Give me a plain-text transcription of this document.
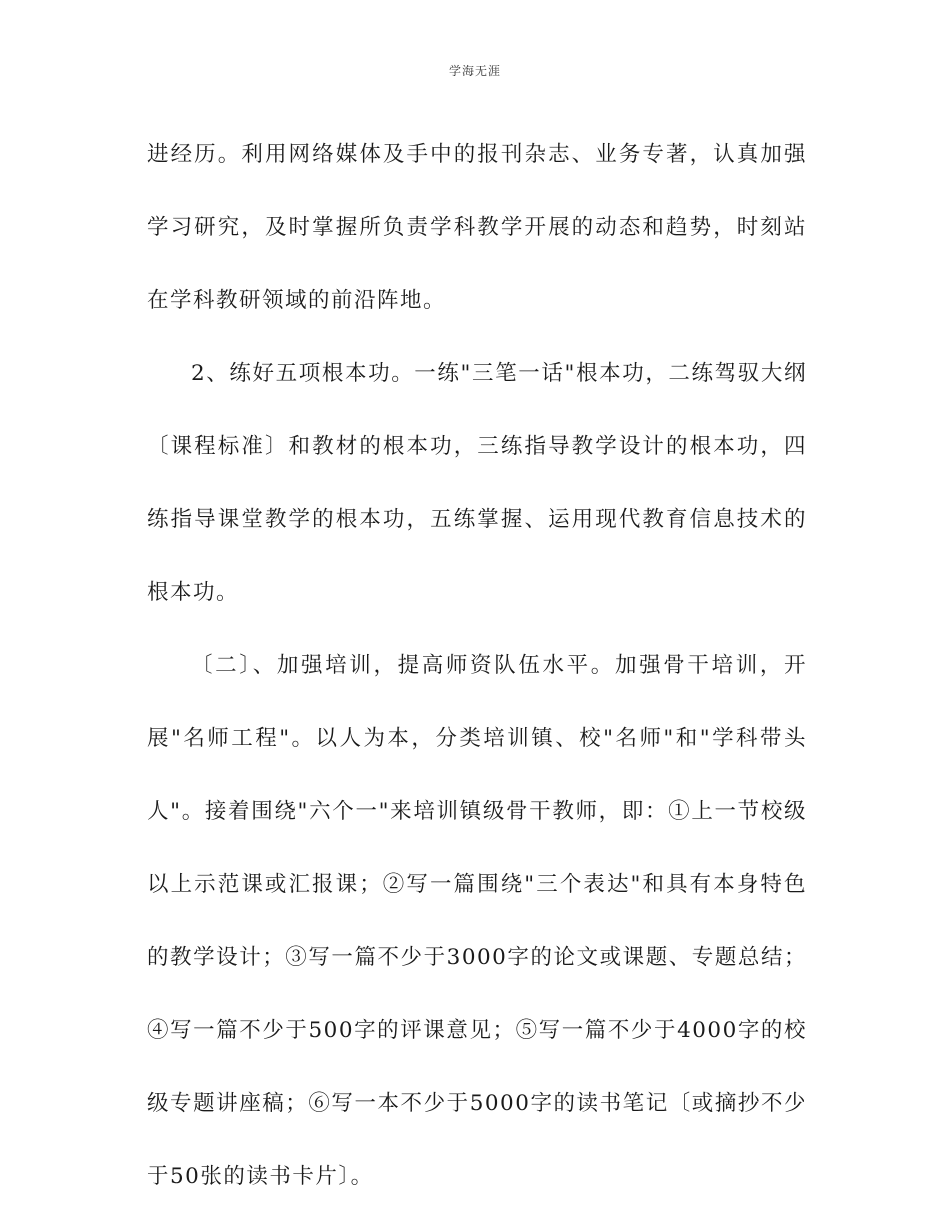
学海无涯

进经历。利用网络媒体及手中的报刊杂志、业务专著，认真加强学习研究，及时掌握所负责学科教学开展的动态和趋势，时刻站在学科教研领域的前沿阵地。

2、练好五项根本功。一练"三笔一话"根本功，二练驾驭大纲〔课程标准〕和教材的根本功，三练指导教学设计的根本功，四练指导课堂教学的根本功，五练掌握、运用现代教育信息技术的根本功。

〔二〕、加强培训，提高师资队伍水平。加强骨干培训，开展"名师工程"。以人为本，分类培训镇、校"名师"和"学科带头人"。接着围绕"六个一"来培训镇级骨干教师，即：①上一节校级以上示范课或汇报课；②写一篇围绕"三个表达"和具有本身特色的教学设计；③写一篇不少于3000字的论文或课题、专题总结；④写一篇不少于500字的评课意见；⑤写一篇不少于4000字的校级专题讲座稿；⑥写一本不少于5000字的读书笔记〔或摘抄不少于50张的读书卡片〕。
